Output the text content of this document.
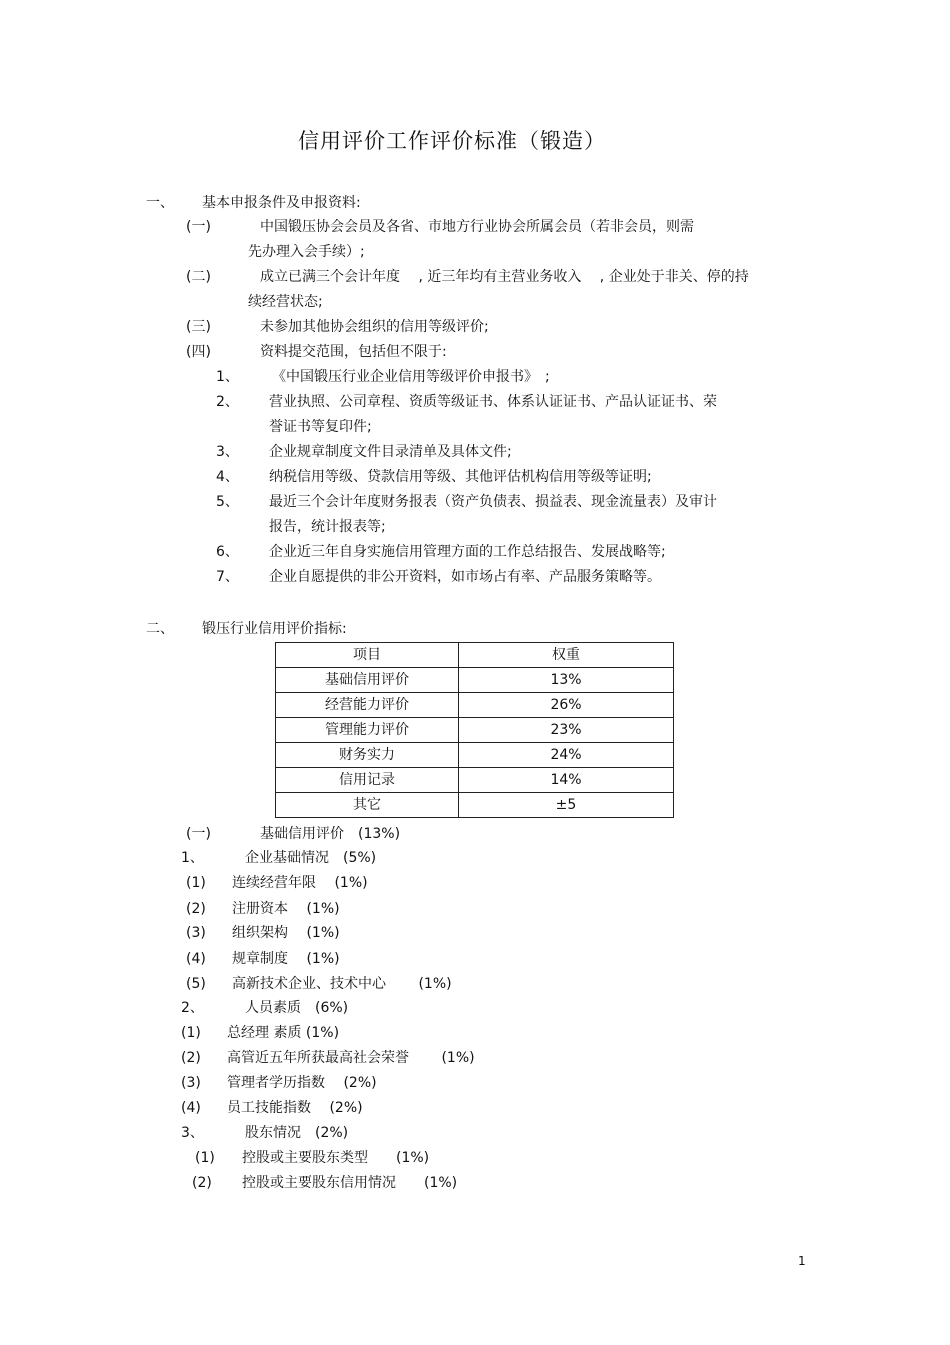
信用评价工作评价标准（锻造）
一、 基本申报条件及申报资料:
(一)	中国锻压协会会员及各省、市地方行业协会所属会员（若非会员，则需
先办理入会手续）;
(二)	成立已满三个会计年度　 , 近三年均有主营业务收入　 , 企业处于非关、停的持
续经营状态;
(三)	未参加其他协会组织的信用等级评价;
(四)	资料提交范围，包括但不限于:
1、 《中国锻压行业企业信用等级评价申报书》　;
2、 营业执照、公司章程、资质等级证书、体系认证证书、产品认证证书、荣
誉证书等复印件;
3、 企业规章制度文件目录清单及具体文件;
4、 纳税信用等级、贷款信用等级、其他评估机构信用等级等证明;
5、 最近三个会计年度财务报表（资产负债表、损益表、现金流量表）及审计
报告，统计报表等;
6、 企业近三年自身实施信用管理方面的工作总结报告、发展战略等;
7、 企业自愿提供的非公开资料，如市场占有率、产品服务策略等。
二、 锻压行业信用评价指标:
项目	权重
基础信用评价	13%
经营能力评价	26%
管理能力评价	23%
财务实力	24%
信用记录	14%
其它	±5
(一)	基础信用评价　(13%)
1、	企业基础情况　(5%)
(1) 连续经营年限　 (1%)
(2) 注册资本　 (1%)
(3) 组织架构　 (1%)
(4) 规章制度　 (1%)
(5) 高新技术企业、技术中心　　 (1%)
2、	人员素质　(6%)
(1) 总经理 素质 (1%)
(2) 高管近五年所获最高社会荣誉　　 (1%)
(3) 管理者学历指数　 (2%)
(4) 员工技能指数　 (2%)
3、	股东情况　(2%)
(1) 控股或主要股东类型　　(1%)
(2) 控股或主要股东信用情况　　(1%)
1
